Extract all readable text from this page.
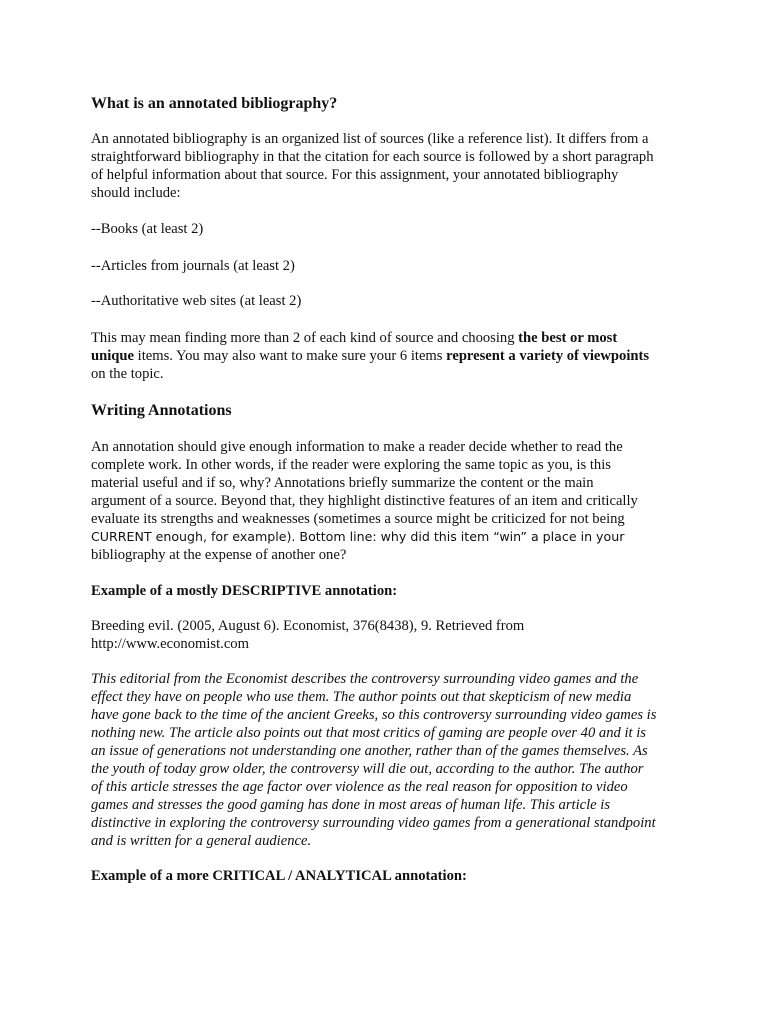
What is an annotated bibliography?

An annotated bibliography is an organized list of sources (like a reference list). It differs from a
straightforward bibliography in that the citation for each source is followed by a short paragraph
of helpful information about that source. For this assignment, your annotated bibliography
should include:

--Books (at least 2)

--Articles from journals (at least 2)

--Authoritative web sites (at least 2)

This may mean finding more than 2 of each kind of source and choosing the best or most
unique items. You may also want to make sure your 6 items represent a variety of viewpoints
on the topic.

Writing Annotations

An annotation should give enough information to make a reader decide whether to read the
complete work. In other words, if the reader were exploring the same topic as you, is this
material useful and if so, why? Annotations briefly summarize the content or the main
argument of a source. Beyond that, they highlight distinctive features of an item and critically
evaluate its strengths and weaknesses (sometimes a source might be criticized for not being
CURRENT enough, for example). Bottom line: why did this item “win” a place in your
bibliography at the expense of another one?

Example of a mostly DESCRIPTIVE annotation:

Breeding evil. (2005, August 6). Economist, 376(8438), 9. Retrieved from
http://www.economist.com

This editorial from the Economist describes the controversy surrounding video games and the
effect they have on people who use them. The author points out that skepticism of new media
have gone back to the time of the ancient Greeks, so this controversy surrounding video games is
nothing new. The article also points out that most critics of gaming are people over 40 and it is
an issue of generations not understanding one another, rather than of the games themselves. As
the youth of today grow older, the controversy will die out, according to the author. The author
of this article stresses the age factor over violence as the real reason for opposition to video
games and stresses the good gaming has done in most areas of human life. This article is
distinctive in exploring the controversy surrounding video games from a generational standpoint
and is written for a general audience.

Example of a more CRITICAL / ANALYTICAL annotation:
